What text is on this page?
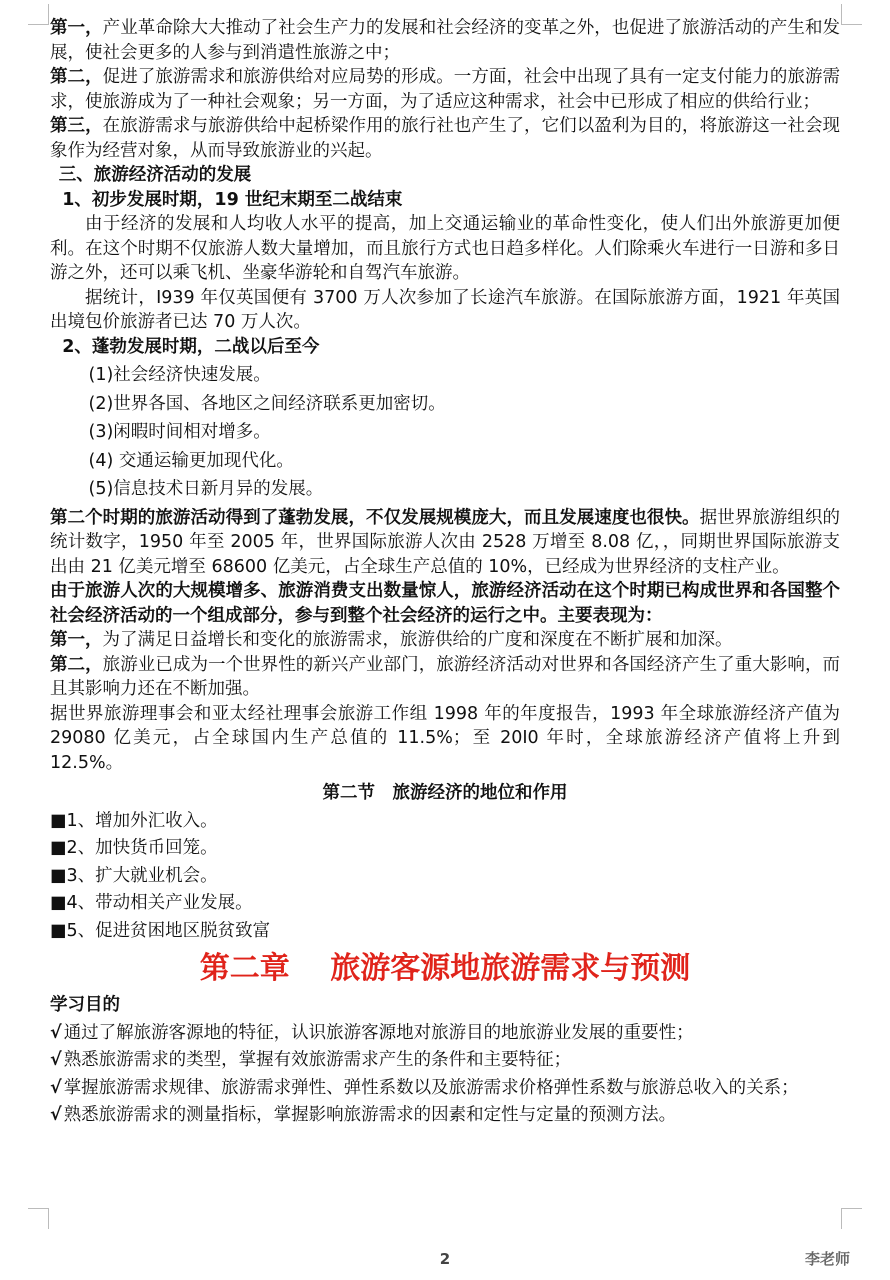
第一，产业革命除大大推动了社会生产力的发展和社会经济的变革之外，也促进了旅游活动的产生和发展，使社会更多的人参与到消遣性旅游之中；

第二，促进了旅游需求和旅游供给对应局势的形成。一方面，社会中出现了具有一定支付能力的旅游需求，使旅游成为了一种社会观象；另一方面，为了适应这种需求，社会中已形成了相应的供给行业；

第三，在旅游需求与旅游供给中起桥梁作用的旅行社也产生了，它们以盈利为目的，将旅游这一社会现象作为经营对象，从而导致旅游业的兴起。

三、旅游经济活动的发展

1、初步发展时期，19 世纪末期至二战结束

由于经济的发展和人均收人水平的提高，加上交通运输业的革命性变化，使人们出外旅游更加便利。在这个时期不仅旅游人数大量增加，而且旅行方式也日趋多样化。人们除乘火车进行一日游和多日游之外，还可以乘飞机、坐豪华游轮和自驾汽车旅游。

据统计，I939 年仅英国便有 3700 万人次参加了长途汽车旅游。在国际旅游方面，1921 年英国出境包价旅游者已达 70 万人次。

2、蓬勃发展时期，二战以后至今

(1)社会经济快速发展。

(2)世界各国、各地区之间经济联系更加密切。

(3)闲暇时间相对增多。

(4) 交通运输更加现代化。

(5)信息技术日新月异的发展。

第二个时期的旅游活动得到了蓬勃发展，不仅发展规模庞大，而且发展速度也很快。据世界旅游组织的统计数字，1950 年至 2005 年，世界国际旅游人次由 2528 万增至 8.08 亿，，同期世界国际旅游支出由 21 亿美元增至 68600 亿美元，占全球生产总值的 10%，已经成为世界经济的支柱产业。

由于旅游人次的大规模增多、旅游消费支出数量惊人，旅游经济活动在这个时期已构成世界和各国整个社会经济活动的一个组成部分，参与到整个社会经济的运行之中。主要表现为：

第一，为了满足日益增长和变化的旅游需求，旅游供给的广度和深度在不断扩展和加深。

第二，旅游业已成为一个世界性的新兴产业部门，旅游经济活动对世界和各国经济产生了重大影响，而且其影响力还在不断加强。

据世界旅游理事会和亚太经社理事会旅游工作组 1998 年的年度报告，1993 年全球旅游经济产值为 29080 亿美元，占全球国内生产总值的 11.5%；至 20I0 年时，全球旅游经济产值将上升到 12.5%。

第二节　旅游经济的地位和作用

■1、增加外汇收入。

■2、加快货币回笼。

■3、扩大就业机会。

■4、带动相关产业发展。

■5、促进贫困地区脱贫致富

第二章　 旅游客源地旅游需求与预测

学习目的

√ 通过了解旅游客源地的特征，认识旅游客源地对旅游目的地旅游业发展的重要性；

√ 熟悉旅游需求的类型，掌握有效旅游需求产生的条件和主要特征；

√ 掌握旅游需求规律、旅游需求弹性、弹性系数以及旅游需求价格弹性系数与旅游总收入的关系；

√ 熟悉旅游需求的测量指标，掌握影响旅游需求的因素和定性与定量的预测方法。

2	李老师
